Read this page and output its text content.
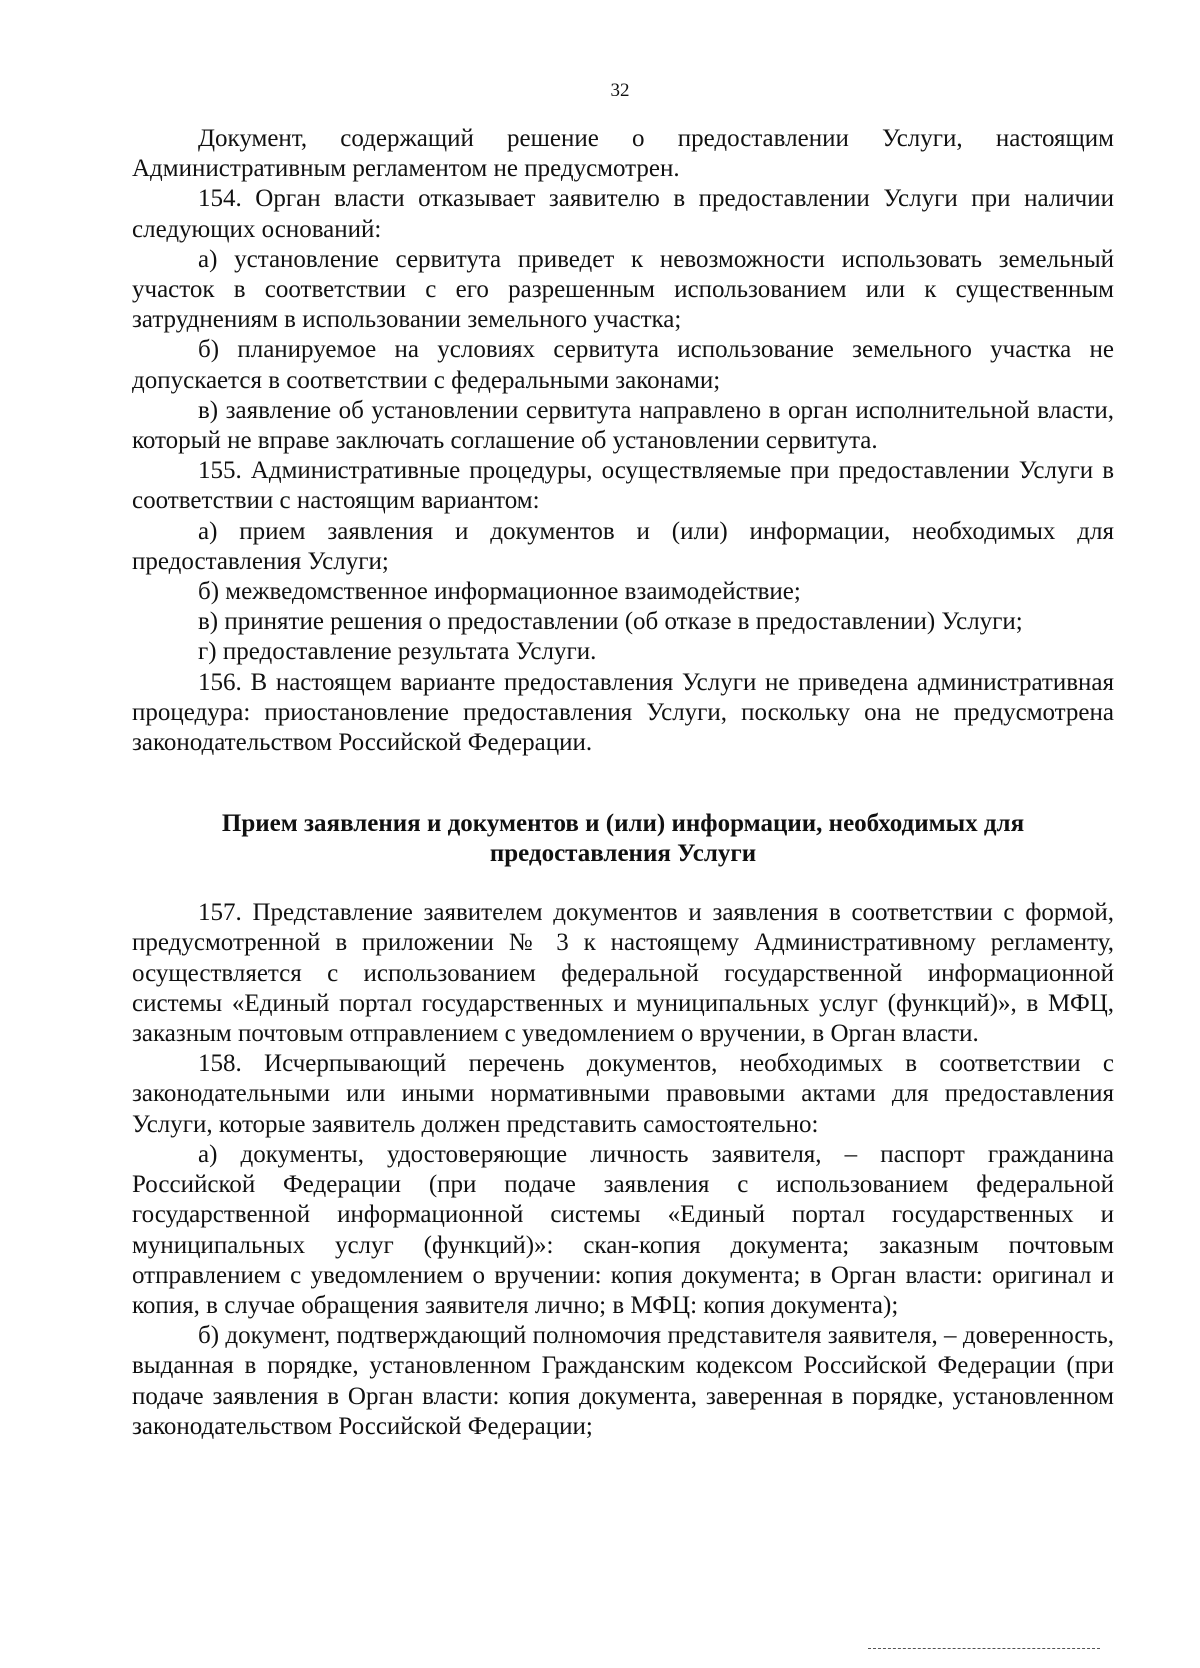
32

Документ, содержащий решение о предоставлении Услуги, настоящим Административным регламентом не предусмотрен.

154. Орган власти отказывает заявителю в предоставлении Услуги при наличии следующих оснований:

а) установление сервитута приведет к невозможности использовать земельный участок в соответствии с его разрешенным использованием или к существенным затруднениям в использовании земельного участка;

б) планируемое на условиях сервитута использование земельного участка не допускается в соответствии с федеральными законами;

в) заявление об установлении сервитута направлено в орган исполнительной власти, который не вправе заключать соглашение об установлении сервитута.

155. Административные процедуры, осуществляемые при предоставлении Услуги в соответствии с настоящим вариантом:

а) прием заявления и документов и (или) информации, необходимых для предоставления Услуги;

б) межведомственное информационное взаимодействие;

в) принятие решения о предоставлении (об отказе в предоставлении) Услуги;

г) предоставление результата Услуги.

156. В настоящем варианте предоставления Услуги не приведена административная процедура: приостановление предоставления Услуги, поскольку она не предусмотрена законодательством Российской Федерации.

Прием заявления и документов и (или) информации, необходимых для предоставления Услуги

157. Представление заявителем документов и заявления в соответствии с формой, предусмотренной в приложении № 3 к настоящему Административному регламенту, осуществляется с использованием федеральной государственной информационной системы «Единый портал государственных и муниципальных услуг (функций)», в МФЦ, заказным почтовым отправлением с уведомлением о вручении, в Орган власти.

158. Исчерпывающий перечень документов, необходимых в соответствии с законодательными или иными нормативными правовыми актами для предоставления Услуги, которые заявитель должен представить самостоятельно:

а) документы, удостоверяющие личность заявителя, – паспорт гражданина Российской Федерации (при подаче заявления с использованием федеральной государственной информационной системы «Единый портал государственных и муниципальных услуг (функций)»: скан-копия документа; заказным почтовым отправлением с уведомлением о вручении: копия документа; в Орган власти: оригинал и копия, в случае обращения заявителя лично; в МФЦ: копия документа);

б) документ, подтверждающий полномочия представителя заявителя, – доверенность, выданная в порядке, установленном Гражданским кодексом Российской Федерации (при подаче заявления в Орган власти: копия документа, заверенная в порядке, установленном законодательством Российской Федерации;
